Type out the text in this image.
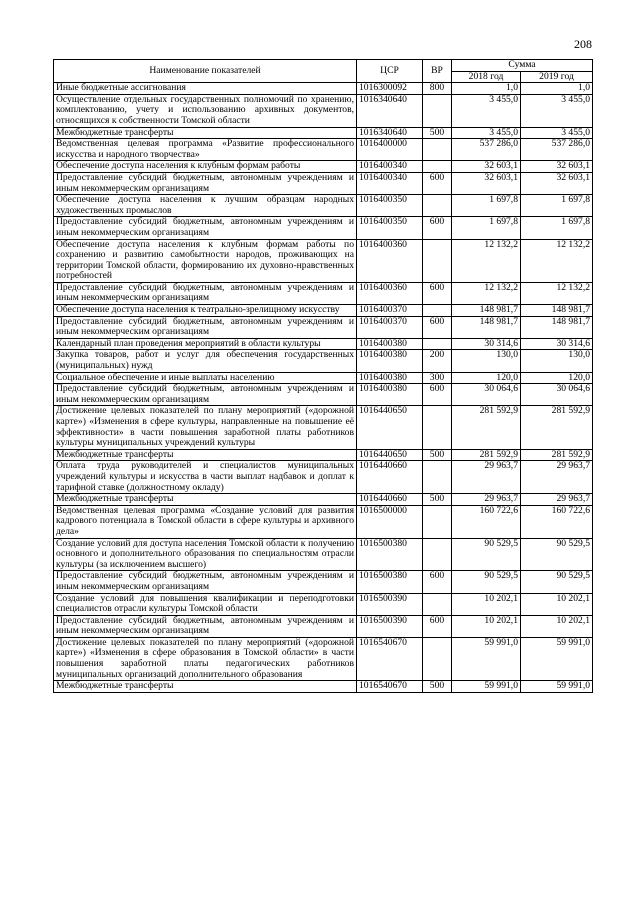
208
Наименование показателей	ЦСР	ВР	Сумма	
			2018 год	2019 год
Иные бюджетные ассигнования	1016300092	800	1,0	1,0
Осуществление отдельных государственных полномочий по хранению, комплектованию, учету и использованию архивных документов, относящихся к собственности Томской области	1016340640		3 455,0	3 455,0
Межбюджетные трансферты	1016340640	500	3 455,0	3 455,0
Ведомственная целевая программа «Развитие профессионального искусства и народного творчества»	1016400000		537 286,0	537 286,0
Обеспечение доступа населения к клубным формам работы	1016400340		32 603,1	32 603,1
Предоставление субсидий бюджетным, автономным учреждениям и иным некоммерческим организациям	1016400340	600	32 603,1	32 603,1
Обеспечение доступа населения к лучшим образцам народных художественных промыслов	1016400350		1 697,8	1 697,8
Предоставление субсидий бюджетным, автономным учреждениям и иным некоммерческим организациям	1016400350	600	1 697,8	1 697,8
Обеспечение доступа населения к клубным формам работы по сохранению и развитию самобытности народов, проживающих на территории Томской области, формированию их духовно-нравственных потребностей	1016400360		12 132,2	12 132,2
Предоставление субсидий бюджетным, автономным учреждениям и иным некоммерческим организациям	1016400360	600	12 132,2	12 132,2
Обеспечение доступа населения к театрально-зрелищному искусству	1016400370		148 981,7	148 981,7
Предоставление субсидий бюджетным, автономным учреждениям и иным некоммерческим организациям	1016400370	600	148 981,7	148 981,7
Календарный план проведения мероприятий в области культуры	1016400380		30 314,6	30 314,6
Закупка товаров, работ и услуг для обеспечения государственных (муниципальных) нужд	1016400380	200	130,0	130,0
Социальное обеспечение и иные выплаты населению	1016400380	300	120,0	120,0
Предоставление субсидий бюджетным, автономным учреждениям и иным некоммерческим организациям	1016400380	600	30 064,6	30 064,6
Достижение целевых показателей по плану мероприятий («дорожной карте») «Изменения в сфере культуры, направленные на повышение её эффективности» в части повышения заработной платы работников культуры муниципальных учреждений культуры	1016440650		281 592,9	281 592,9
Межбюджетные трансферты	1016440650	500	281 592,9	281 592,9
Оплата труда руководителей и специалистов муниципальных учреждений культуры и искусства в части выплат надбавок и доплат к тарифной ставке (должностному окладу)	1016440660		29 963,7	29 963,7
Межбюджетные трансферты	1016440660	500	29 963,7	29 963,7
Ведомственная целевая программа «Создание условий для развития кадрового потенциала в Томской области в сфере культуры и архивного дела»	1016500000		160 722,6	160 722,6
Создание условий для доступа населения Томской области к получению основного и дополнительного образования по специальностям отрасли культуры (за исключением высшего)	1016500380		90 529,5	90 529,5
Предоставление субсидий бюджетным, автономным учреждениям и иным некоммерческим организациям	1016500380	600	90 529,5	90 529,5
Создание условий для повышения квалификации и переподготовки специалистов отрасли культуры Томской области	1016500390		10 202,1	10 202,1
Предоставление субсидий бюджетным, автономным учреждениям и иным некоммерческим организациям	1016500390	600	10 202,1	10 202,1
Достижение целевых показателей по плану мероприятий («дорожной карте») «Изменения в сфере образования в Томской области» в части повышения заработной платы педагогических работников муниципальных организаций дополнительного образования	1016540670		59 991,0	59 991,0
Межбюджетные трансферты	1016540670	500	59 991,0	59 991,0
